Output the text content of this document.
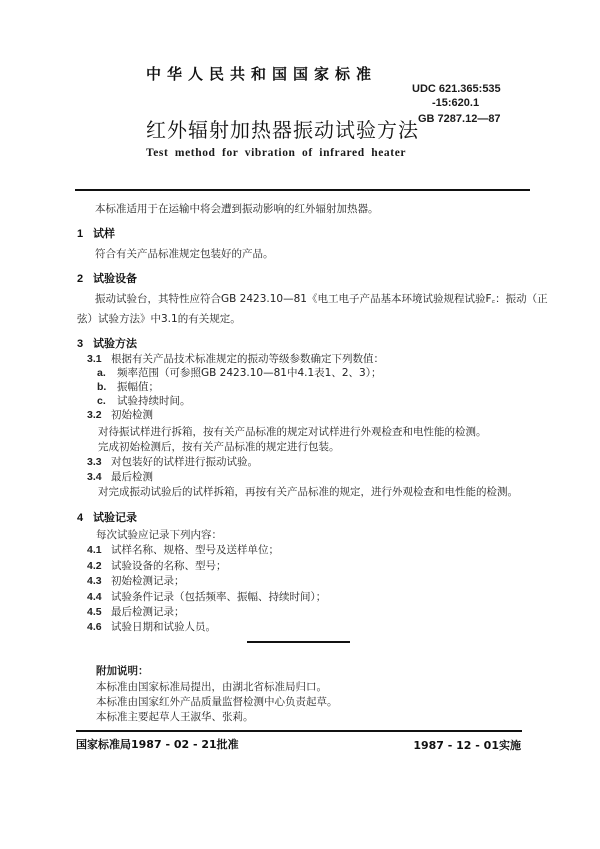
中华人民共和国国家标准
UDC 621.365:535
-15:620.1
GB 7287.12—87
红外辐射加热器振动试验方法
Test method for vibration of infrared heater
本标准适用于在运输中将会遭到振动影响的红外辐射加热器。
1 试样
符合有关产品标准规定包装好的产品。
2 试验设备
振动试验台，其特性应符合GB 2423.10—81《电工电子产品基本环境试验规程试验F꜀：振动（正
弦）试验方法》中3.1的有关规定。
3 试验方法
3.1 根据有关产品技术标准规定的振动等级参数确定下列数值：
a. 频率范围（可参照GB 2423.10—81中4.1表1、2、3）；
b. 振幅值；
c. 试验持续时间。
3.2 初始检测
对待振试样进行拆箱，按有关产品标准的规定对试样进行外观检查和电性能的检测。
完成初始检测后，按有关产品标准的规定进行包装。
3.3 对包装好的试样进行振动试验。
3.4 最后检测
对完成振动试验后的试样拆箱，再按有关产品标准的规定，进行外观检查和电性能的检测。
4 试验记录
每次试验应记录下列内容：
4.1 试样名称、规格、型号及送样单位；
4.2 试验设备的名称、型号；
4.3 初始检测记录；
4.4 试验条件记录（包括频率、振幅、持续时间）；
4.5 最后检测记录；
4.6 试验日期和试验人员。
附加说明：
本标准由国家标准局提出，由湖北省标准局归口。
本标准由国家红外产品质量监督检测中心负责起草。
本标准主要起草人王淑华、张莉。
国家标准局1987 - 02 - 21批准	1987 - 12 - 01实施
